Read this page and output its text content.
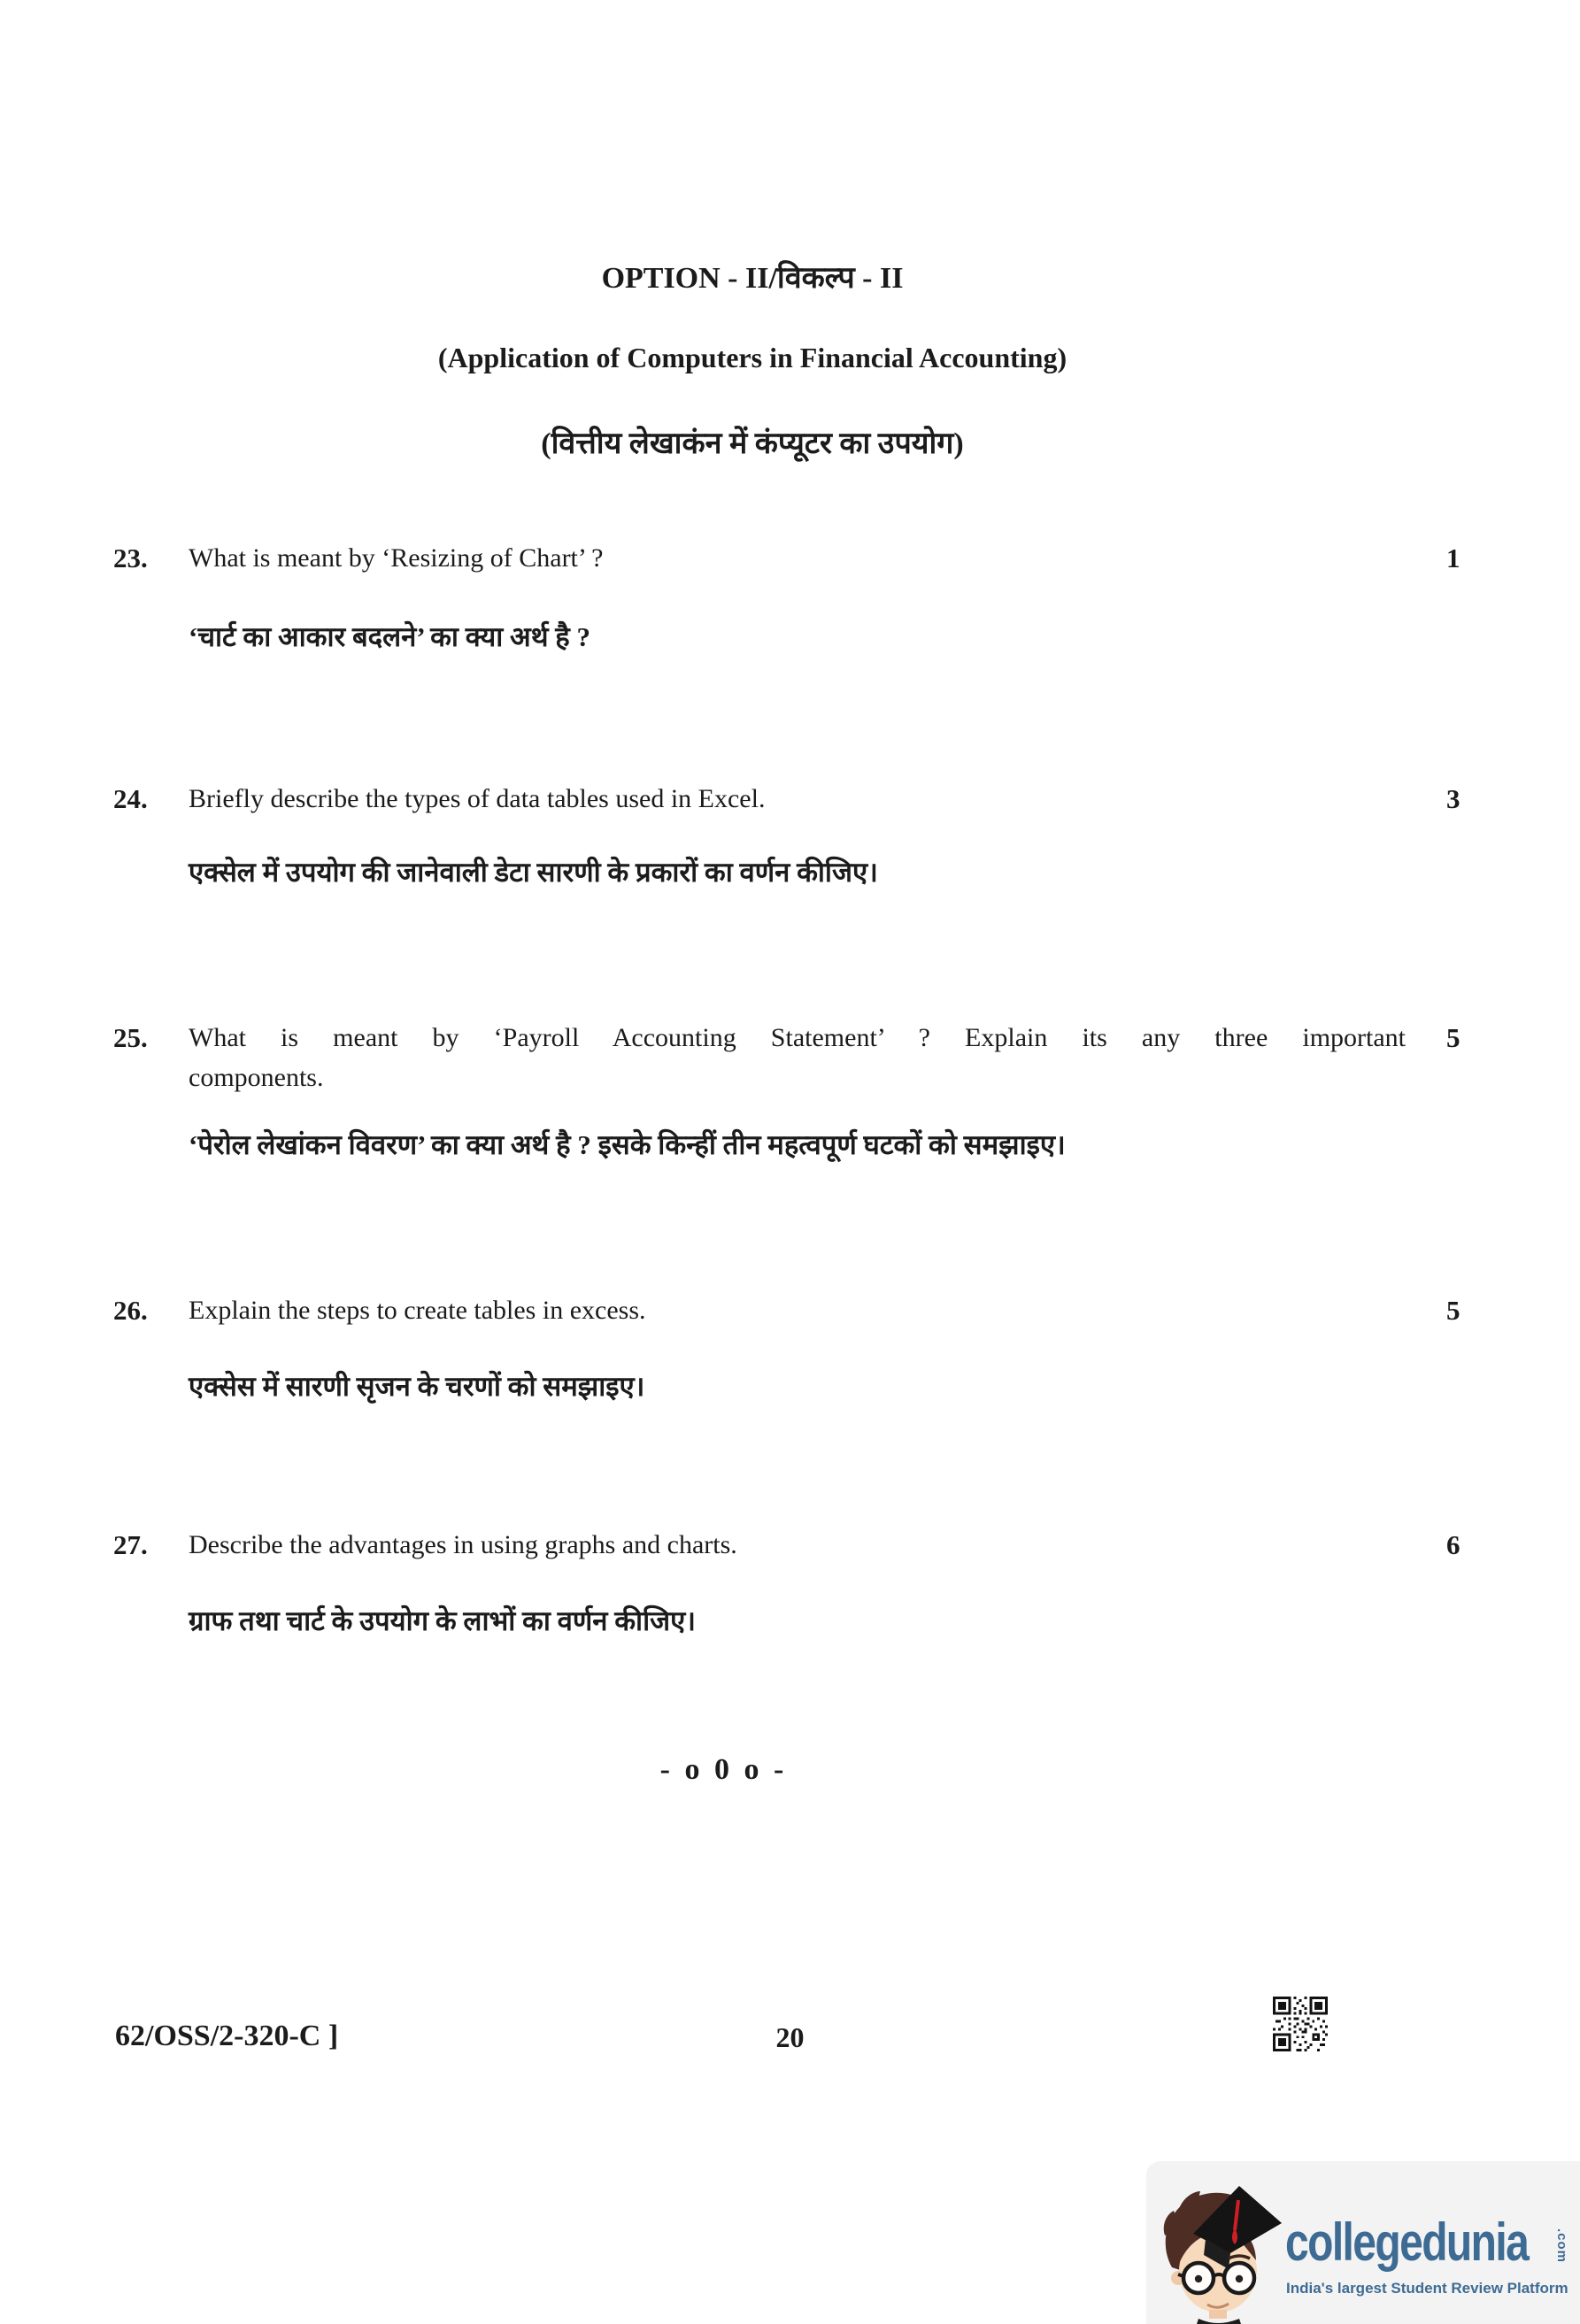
OPTION - II/विकल्प - II
(Application of Computers in Financial Accounting)
(वित्तीय लेखाकंन में कंप्यूटर का उपयोग)
23. What is meant by ‘Resizing of Chart’ ?	1
‘चार्ट का आकार बदलने’ का क्या अर्थ है ?
24. Briefly describe the types of data tables used in Excel.	3
एक्सेल में उपयोग की जानेवाली डेटा सारणी के प्रकारों का वर्णन कीजिए।
25. What is meant by ‘Payroll Accounting Statement’ ? Explain its any three important
components.
5
‘पेरोल लेखांकन विवरण’ का क्या अर्थ है ? इसके किन्हीं तीन महत्वपूर्ण घटकों को समझाइए।
26. Explain the steps to create tables in excess.	5
एक्सेस में सारणी सृजन के चरणों को समझाइए।
27. Describe the advantages in using graphs and charts.	6
ग्राफ तथा चार्ट के उपयोग के लाभों का वर्णन कीजिए।
- o 0 o -
62/OSS/2-320-C ]	20
collegedunia .com
India's largest Student Review Platform
